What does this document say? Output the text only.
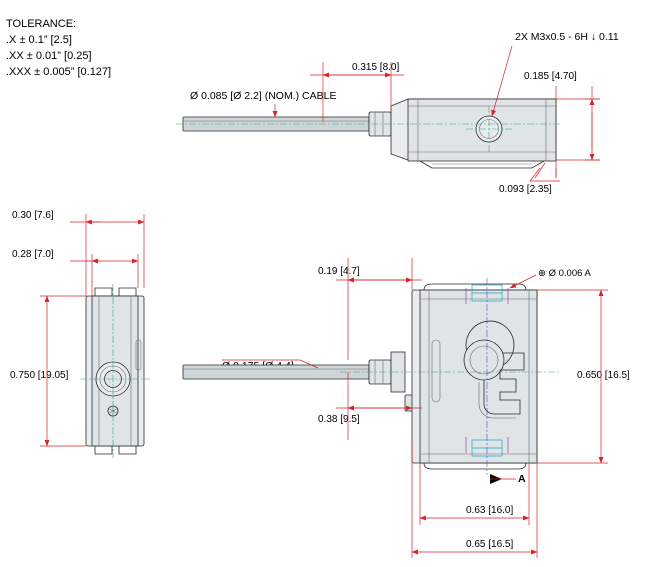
TOLERANCE:
.X ± 0.1” [2.5]
.XX ± 0.01” [0.25]
.XXX ± 0.005” [0.127]
Ø 0.085 [Ø 2.2] (NOM.) CABLE
2X M3x0.5 - 6H ↓ 0.11
⊕ Ø 0.006 A
A
0.315 [8.0]
0.185 [4.70]
0.093 [2.35]
0.30 [7.6]
0.28 [7.0]
0.750 [19.05]
0.19 [4.7]
0.38 [9.5]
0.650 [16.5]
0.63 [16.0]
0.65 [16.5]
